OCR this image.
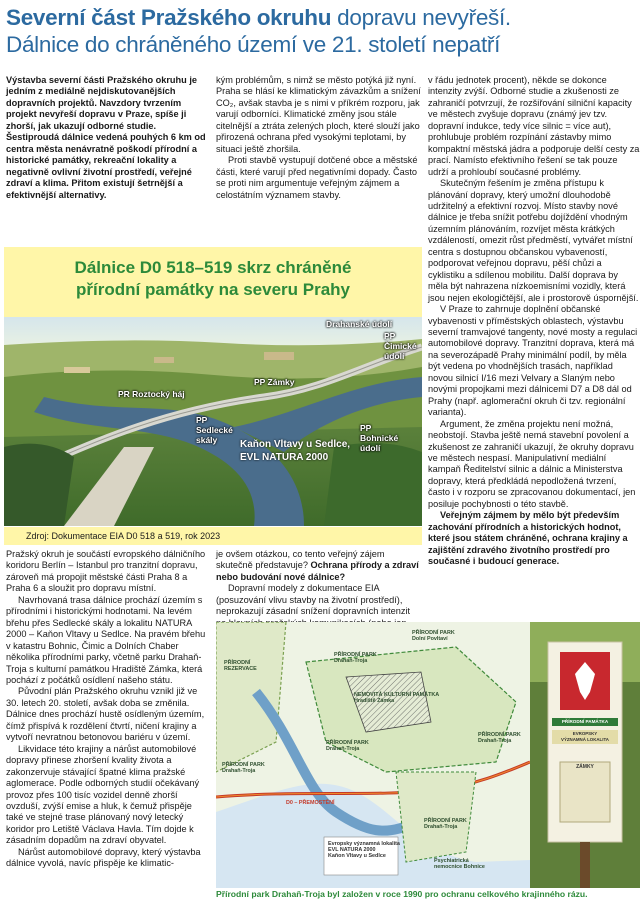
Severní část Pražského okruhu dopravu nevyřeší.
Dálnice do chráněného území ve 21. století nepatří

Výstavba severní části Pražského okruhu je jedním z mediálně nejdiskutovanějších dopravních projektů. Navzdory tvrzením projekt nevyřeší dopravu v Praze, spíše ji zhorší, jak ukazují odborné studie. Šestiproudá dálnice vedená pouhých 6 km od centra města nenávratně poškodí přírodní a historické památky, rekreační lokality a negativně ovlivní životní prostředí, veřejné zdraví a klima. Přitom existují šetrnější a efektivnější alternativy.

kým problémům, s nimž se město potýká již nyní. Praha se hlásí ke klimatickým závazkům a snížení CO₂, avšak stavba je s nimi v příkrém rozporu, jak varují odborníci. Klimatické změny jsou stále citelnější a ztráta zelených ploch, které slouží jako přirozená ochrana před vysokými teplotami, by situaci ještě zhoršila.

Proti stavbě vystupují dotčené obce a městské části, které varují před negativními dopady. Často se proti nim argumentuje veřejným zájmem a celostátním významem stavby.

v řádu jednotek procent), někde se dokonce intenzity zvýší. Odborné studie a zkušenosti ze zahraničí potvrzují, že rozšiřování silniční kapacity ve městech zvyšuje dopravu (známý jev tzv. dopravní indukce, tedy více silnic = více aut), prohlubuje problém rozpínání zástavby mimo kompaktní městská jádra a podporuje delší cesty za prací. Namísto efektivního řešení se tak pouze udrží a prohloubí současné problémy.

Skutečným řešením je změna přístupu k plánování dopravy, který umožní dlouhodobě udržitelný a efektivní rozvoj. Místo stavby nové dálnice je třeba snížit potřebu dojíždění vhodným územním plánováním, rozvíjet města krátkých vzdáleností, omezit růst předměstí, vytvářet místní centra s dostupnou občanskou vybaveností, podporovat veřejnou dopravu, pěší chůzi a cyklistiku a sdílenou mobilitu. Další doprava by měla být nahrazena nízkoemisními vozidly, která jsou nejen ekologičtější, ale i prostorově úspornější.

V Praze to zahrnuje doplnění občanské vybavenosti v příměstských oblastech, výstavbu severní tramvajové tangenty, nové mosty a regulaci automobilové dopravy. Tranzitní doprava, která má na severozápadě Prahy minimální podíl, by měla být vedena po vhodnějších trasách, například novou silnicí I/16 mezi Velvary a Slaným nebo novými propojkami mezi dálnicemi D7 a D8 dál od Prahy (např. aglomerační okruh či tzv. regionální varianta).

Argument, že změna projektu není možná, neobstojí. Stavba ještě nemá stavební povolení a zkušenost ze zahraničí ukazují, že okruhy dopravu ve městech nespasí. Manipulativní mediální kampaň Ředitelství silnic a dálnic a Ministerstva dopravy, která předkládá nepodložená tvrzení, často i v rozporu se zpracovanou dokumentací, jen posiluje pochybnosti o této stavbě.

Veřejným zájmem by mělo být především zachování přírodních a historických hodnot, které jsou státem chráněné, ochrana krajiny a zajištění zdravého životního prostředí pro současné i budoucí generace.

Dálnice D0 518–519 skrz chráněné
přírodní památky na severu Prahy
Drahanské údolí
PP
Čimické
údolí
PP Zámky
PR Roztocký háj
PP
Sedlecké
skály	Kaňon Vltavy u Sedlce,
EVL NATURA 2000
PP
Bohnické
údolí
Zdroj: Dokumentace EIA D0 518 a 519, rok 2023

Pražský okruh je součástí evropského dálničního koridoru Berlín – Istanbul pro tranzitní dopravu, zároveň má propojit městské části Praha 8 a Praha 6 a sloužit pro dopravu místní.

Navrhovaná trasa dálnice prochází územím s přírodními i historickými hodnotami. Na levém břehu přes Sedlecké skály a lokalitu NATURA 2000 – Kaňon Vltavy u Sedlce. Na pravém břehu v katastru Bohnic, Čimic a Dolních Chaber několika přírodními parky, včetně parku Drahaň-Troja s kulturní památkou Hradiště Zámka, která pochází z počátků osídlení našeho státu.

Původní plán Pražského okruhu vznikl již ve 30. letech 20. století, avšak doba se změnila. Dálnice dnes prochází hustě osídleným územím, čímž přispívá k rozdělení čtvrtí, ničení krajiny a vytvoří nevratnou betonovou bariéru v území.

Likvidace této krajiny a nárůst automobilové dopravy přinese zhoršení kvality života a zakonzervuje stávající špatné klima pražské aglomerace. Podle odborných studií očekávaný provoz přes 100 tisíc vozidel denně zhorší ovzduší, zvýší emise a hluk, k čemuž přispěje také ve stejné trase plánovaný nový letecký koridor pro Letiště Václava Havla. Tím dojde k zásadním dopadům na zdraví obyvatel.

Nárůst automobilové dopravy, který výstavba dálnice vyvolá, navíc přispěje ke klimatic-

je ovšem otázkou, co tento veřejný zájem skutečně představuje? Ochrana přírody a zdraví nebo budování nové dálnice?

Dopravní modely z dokumentace EIA (posuzování vlivu stavby na životní prostředí), neprokazují zásadní snížení dopravních intenzit

PŘÍRODNÍ
REZERVACE
PŘÍRODNÍ PARK
Dolní Povltaví
PŘÍRODNÍ PARK
Drahaň-Troja
NEMOVITÁ KULTURNÍ PAMÁTKA
Hradiště Zámka
PŘÍRODNÍ PARK
Drahaň-Troja
PŘÍRODNÍ PARK
Drahaň-Troja
PŘÍRODNÍ PARK
Drahaň-Troja
Evropsky významná lokalita
EVL NATURA 2000
Kaňon Vltavy u Sedlce
Psychiatrická
nemocnice Bohnice
PŘÍRODNÍ PARK
Drahaň-Troja
D0 – PŘEMOSTĚNÍ
PŘÍRODNÍ PAMÁTKA
EVROPSKY
VÝZNAMNÁ LOKALITA
ZÁMKY
Přírodní park Drahaň-Troja byl založen v roce 1990 pro ochranu celkového krajinného rázu.
